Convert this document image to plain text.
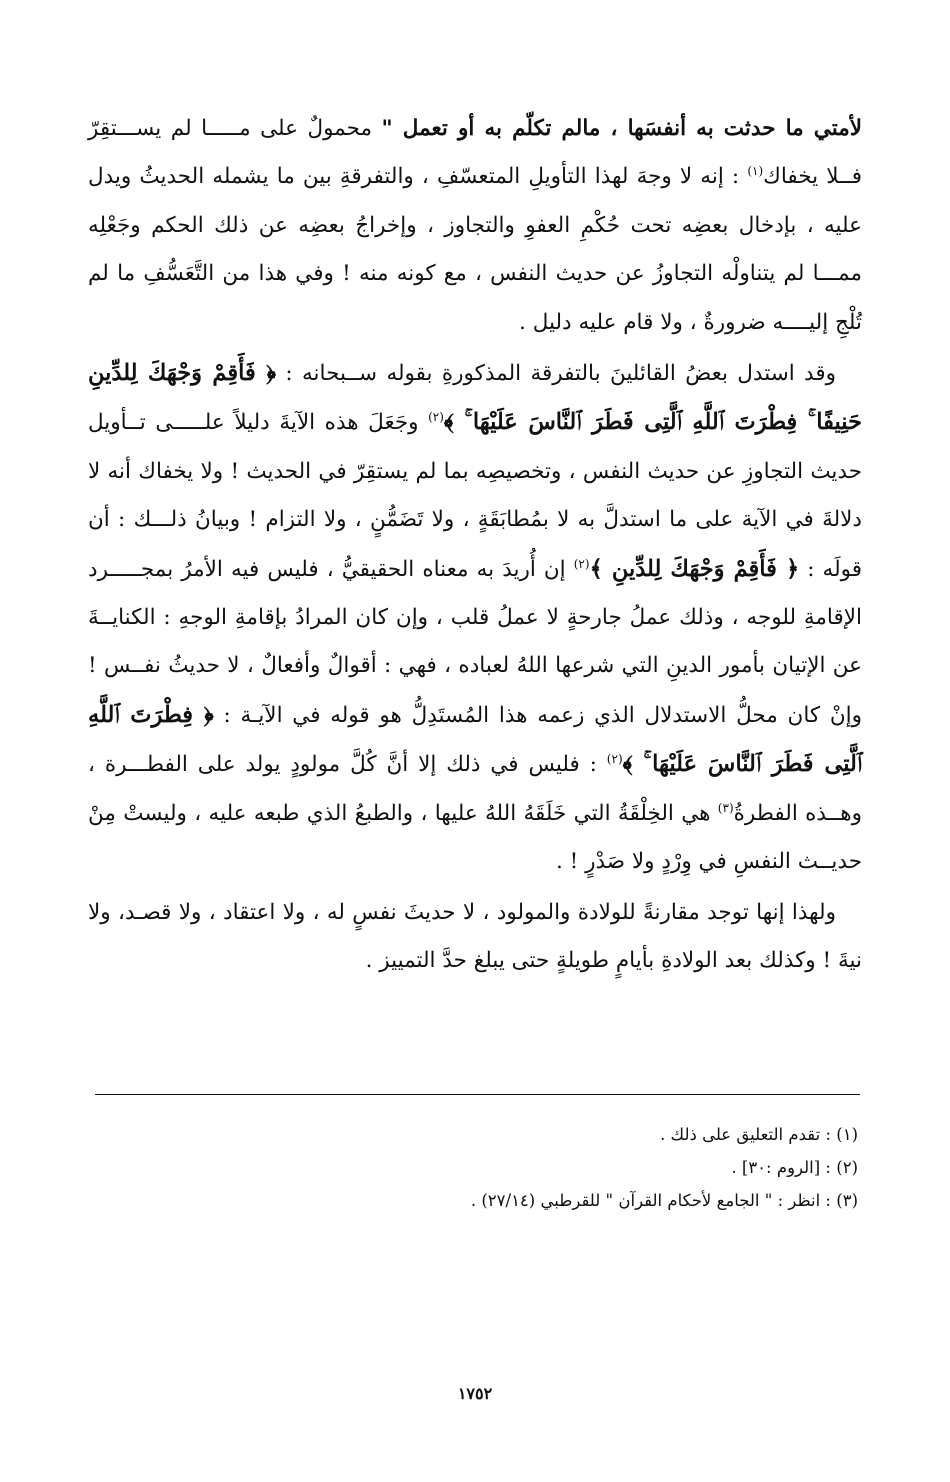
لأمتي ما حدثت به أنفسَها ، مالم تكلّم به أو تعمل " محمولٌ على مـــــا لم يســـتقِرّ فــلا يخفاك$^{(١)}$ : إنه لا وجهَ لهذا التأويلِ المتعسّفِ ، والتفرقةِ بين ما يشمله الحديثُ ويدل عليه ، بإدخال بعضِه تحت حُكْمِ العفوِ والتجاوز ، وإخراجُ بعضِه عن ذلك الحكم وجَعْلِه ممـــا لم يتناولْه التجاوزُ عن حديث النفس ، مع كونه منه ! وفي هذا من التَّعَسُّفِ ما لم تُلْجِ إليــــه ضرورةٌ ، ولا قام عليه دليل .

وقد استدل بعضُ القائلينَ بالتفرقة المذكورةِ بقوله ســبحانه : ﴿ فَأَقِمْ وَجْهَكَ لِلدِّينِ حَنِيفًا ۚ فِطْرَتَ ٱللَّهِ ٱلَّتِى فَطَرَ ٱلنَّاسَ عَلَيْهَا ۚ ﴾$^{(٢)}$ وجَعَلَ هذه الآيةَ دليلاً علـــــى تــأويل حديث التجاوزِ عن حديث النفس ، وتخصيصِه بما لم يستقِرّ في الحديث ! ولا يخفاك أنه لا دلالةَ في الآية على ما استدلَّ به لا بمُطابَقَةٍ ، ولا تَضَمُّنٍ ، ولا التزام ! وبيانُ ذلـــك : أن قولَه : ﴿ فَأَقِمْ وَجْهَكَ لِلدِّينِ ﴾$^{(٢)}$ إن أُريدَ به معناه الحقيقيُّ ، فليس فيه الأمرُ بمجـــــرد الإقامةِ للوجه ، وذلك عملُ جارحةٍ لا عملُ قلب ، وإن كان المرادُ بإقامةِ الوجهِ : الكنايــةَ عن الإتيان بأمور الدينِ التي شرعها اللهُ لعباده ، فهي : أقوالٌ وأفعالٌ ، لا حديثُ نفــس ! وإنْ كان محلُّ الاستدلال الذي زعمه هذا المُستَدِلُّ هو قوله في الآيـة : ﴿ فِطْرَتَ ٱللَّهِ ٱلَّتِى فَطَرَ ٱلنَّاسَ عَلَيْهَا ۚ ﴾$^{(٢)}$ : فليس في ذلك إلا أنَّ كُلَّ مولودٍ يولد على الفطـــرة ، وهــذه الفطرةُ$^{(٣)}$ هي الخِلْقَةُ التي خَلَقَهُ اللهُ عليها ، والطبعُ الذي طبعه عليه ، وليستْ مِنْ حديــث النفسِ في وِرْدٍ ولا صَدْرٍ ! .

ولهذا إنها توجد مقارنةً للولادة والمولود ، لا حديثَ نفسٍ له ، ولا اعتقاد ، ولا قصـد، ولا نيةَ ! وكذلك بعد الولادةِ بأيامٍ طويلةٍ حتى يبلغ حدَّ التمييز .

(١) : تقدم التعليق على ذلك .

(٢) : [الروم :٣٠] .

(٣) : انظر : " الجامع لأحكام القرآن " للقرطبي (٢٧/١٤) .

١٧٥٢
